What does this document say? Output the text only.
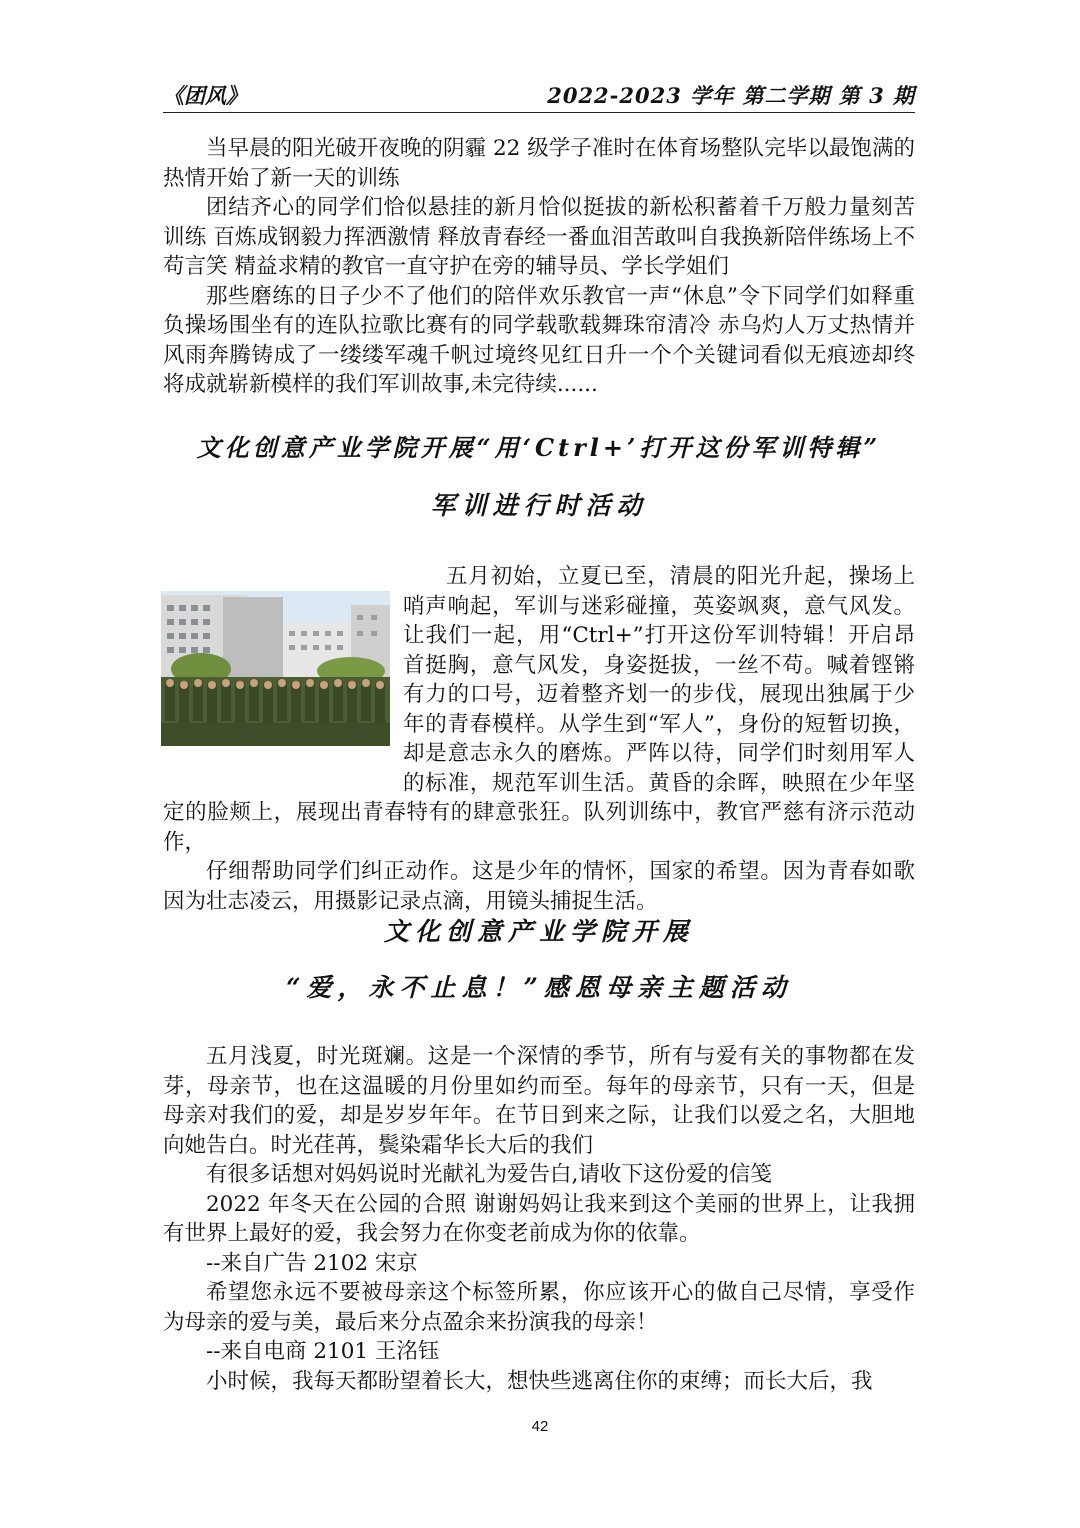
《团风》	2022-2023 学年 第二学期 第 3 期

当早晨的阳光破开夜晚的阴霾 22 级学子准时在体育场整队完毕以最饱满的热情开始了新一天的训练

团结齐心的同学们恰似悬挂的新月恰似挺拔的新松积蓄着千万般力量刻苦训练 百炼成钢毅力挥洒激情 释放青春经一番血泪苦敢叫自我换新陪伴练场上不苟言笑 精益求精的教官一直守护在旁的辅导员、学长学姐们

那些磨练的日子少不了他们的陪伴欢乐教官一声“休息”令下同学们如释重负操场围坐有的连队拉歌比赛有的同学载歌载舞珠帘清冷 赤乌灼人万丈热情并风雨奔腾铸成了一缕缕军魂千帆过境终见红日升一个个关键词看似无痕迹却终将成就崭新模样的我们军训故事,未完待续......

文化创意产业学院开展“用‘Ctrl+’打开这份军训特辑”
军训进行时活动

五月初始，立夏已至，清晨的阳光升起，操场上哨声响起，军训与迷彩碰撞，英姿飒爽，意气风发。让我们一起，用“Ctrl+”打开这份军训特辑！开启昂首挺胸，意气风发，身姿挺拔，一丝不苟。喊着铿锵有力的口号，迈着整齐划一的步伐，展现出独属于少年的青春模样。从学生到“军人”，身份的短暂切换，却是意志永久的磨炼。严阵以待，同学们时刻用军人的标准，规范军训生活。黄昏的余晖，映照在少年坚定的脸颊上，展现出青春特有的肆意张狂。队列训练中，教官严慈有济示范动作，

仔细帮助同学们纠正动作。这是少年的情怀，国家的希望。因为青春如歌因为壮志凌云，用摄影记录点滴，用镜头捕捉生活。

文化创意产业学院开展
“爱，永不止息！”感恩母亲主题活动

五月浅夏，时光斑斓。这是一个深情的季节，所有与爱有关的事物都在发芽，母亲节，也在这温暖的月份里如约而至。每年的母亲节，只有一天，但是母亲对我们的爱，却是岁岁年年。在节日到来之际，让我们以爱之名，大胆地向她告白。时光荏苒，鬓染霜华长大后的我们

有很多话想对妈妈说时光献礼为爱告白,请收下这份爱的信笺

2022 年冬天在公园的合照 谢谢妈妈让我来到这个美丽的世界上，让我拥有世界上最好的爱，我会努力在你变老前成为你的依靠。

--来自广告 2102 宋京

希望您永远不要被母亲这个标签所累，你应该开心的做自己尽情，享受作为母亲的爱与美，最后来分点盈余来扮演我的母亲！

--来自电商 2101 王洺钰

小时候，我每天都盼望着长大，想快些逃离住你的束缚；而长大后，我

42
